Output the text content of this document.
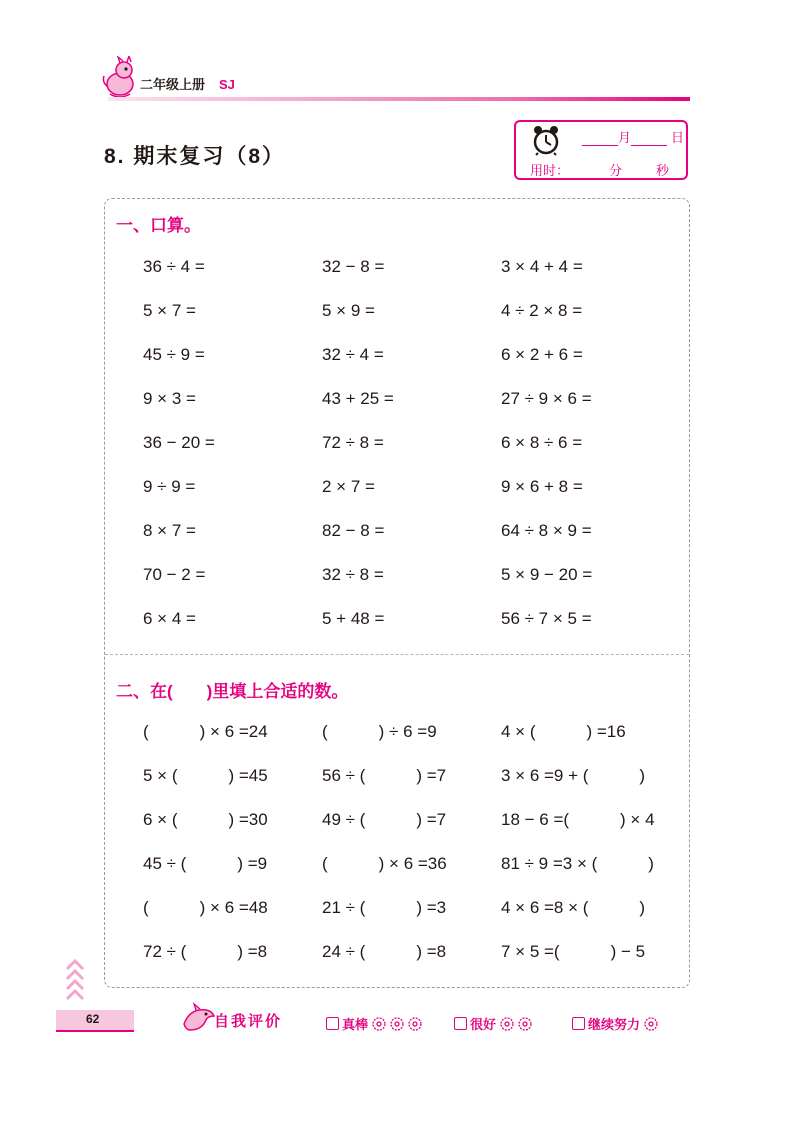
二年级上册 SJ
8. 期末复习（8）
月	日
用时：	分	秒
一、口算。
36 ÷ 4 =	32 − 8 =	3 × 4 + 4 =
5 × 7 =	5 × 9 =	4 ÷ 2 × 8 =
45 ÷ 9 =	32 ÷ 4 =	6 × 2 + 6 =
9 × 3 =	43 + 25 =	27 ÷ 9 × 6 =
36 − 20 =	72 ÷ 8 =	6 × 8 ÷ 6 =
9 ÷ 9 =	2 × 7 =	9 × 6 + 8 =
8 × 7 =	82 − 8 =	64 ÷ 8 × 9 =
70 − 2 =	32 ÷ 8 =	5 × 9 − 20 =
6 × 4 =	5 + 48 =	56 ÷ 7 × 5 =
二、在(　　)里填上合适的数。
(　　　) × 6 =24	(　　　) ÷ 6 =9	4 × (　　　) =16
5 × (　　　) =45	56 ÷ (　　　) =7	3 × 6 =9 + (　　　)
6 × (　　　) =30	49 ÷ (　　　) =7	18 − 6 =(　　　) × 4
45 ÷ (　　　) =9	(　　　) × 6 =36	81 ÷ 9 =3 × (　　　)
(　　　) × 6 =48	21 ÷ (　　　) =3	4 × 6 =8 × (　　　)
72 ÷ (　　　) =8	24 ÷ (　　　) =8	7 × 5 =(　　　) − 5
62	自我评价	真棒	很好	继续努力
